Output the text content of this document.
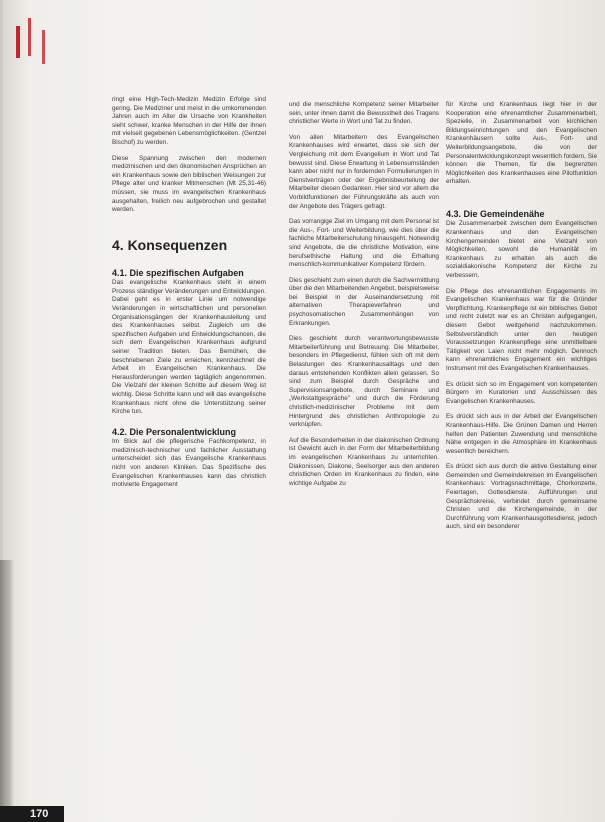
ringt eine High-Tech-Medizin Medizin Erfolge sind gering. Die Mediziner und meist in die umkommenden Jahren auch im Alter die Ursache von Krankheiten sieht schwer, kranke Menschen in der Hilfe der ihnen mit vielseit gegebenen Lebensmöglichkeiten. (Gentzel Bischof) zu werden.

Diese Spannung zwischen den modernen medizinischen und den ökonomischen Ansprüchen an ein Krankenhaus sowie den biblischen Weisungen zur Pflege alter und kranker Mitmenschen (Mt 25,31-46) müssen, sie muss im evangelischen Krankenhaus ausgehalten, freilich neu aufgebrochen und gestaltet werden.

4. Konsequenzen
4.1. Die spezifischen Aufgaben

Das evangelische Krankenhaus steht in einem Prozess ständiger Veränderungen und Entwicklungen. Dabei geht es in erster Linie um notwendige Veränderungen in wirtschaftlichen und personellen Organisationsgängen der Krankenhausleitung und des Krankenhauses selbst. Zugleich um die spezifischen Aufgaben und Entwicklungschancen, die sich dem Evangelischen Krankenhaus aufgrund seiner Tradition bieten. Das Bemühen, die beschriebenen Ziele zu erreichen, kennzeichnet die Arbeit im Evangelischen Krankenhaus. Die Herausforderungen werden tagtäglich angenommen. Die Vielzahl der kleinen Schritte auf diesem Weg ist wichtig. Diese Schritte kann und will das evangelische Krankenhaus nicht ohne die Unterstützung seiner Kirche tun.

4.2. Die Personalentwicklung

Im Blick auf die pflegerische Fachkompetenz, in medizinisch-technischer und fachlicher Ausstattung unterscheidet sich das Evangelische Krankenhaus nicht von anderen Kliniken. Das Spezifische des Evangelischen Krankenhauses kann das christlich motivierte Engagement

und die menschliche Kompetenz seiner Mitarbeiter sein, unter ihnen damit die Bewusstheit des Tragens christlicher Werte in Wort und Tat zu finden.

Von allen Mitarbeitern des Evangelischen Krankenhauses wird erwartet, dass sie sich der Vergleichung mit dem Evangelium in Wort und Tat bewusst sind. Diese Erwartung in Lebensumständen kann aber nicht nur in fordernden Formulierungen in Dienstverträgen oder der Ergebnisbeurteilung der Mitarbeiter diesen Gedanken. Hier sind vor allem die Vorbildfunktionen der Führungskräfte als auch von der Angebote des Trägers gefragt.

Das vorrangige Ziel im Umgang mit dem Personal ist die Aus-, Fort- und Weiterbildung, wie dies über die fachliche Mitarbeiterschulung hinausgeht. Notwendig sind Angebote, die die christliche Motivation, eine berufsethische Haltung und die Erhaltung menschlich-kommunikativer Kompetenz fördern.

Dies geschieht zum einen durch die Sachvermittlung über die den Mitarbeitenden Angebot, beispielsweise bei Beispiel in der Auseinandersetzung mit alternativen Therapieverfahren und psychosomatischen Zusammenhängen von Erkrankungen.

Dies geschieht durch verantwortungsbewusste Mitarbeiterführung und Betreuung. Die Mitarbeiter, besonders im Pflegedienst, fühlen sich oft mit dem Belastungen des Krankenhausalltags und den daraus entstehenden Konflikten allein gelassen. So sind zum Beispiel durch Gespräche und Supervisionsangebote, durch Seminare und „Werkstattgespräche" und durch die Förderung christlich-medizinischer Probleme mit dem Hintergrund des christlichen Anthropologie zu verknüpfen.

Auf die Besonderheiten in der diakonischen Ordnung ist Gewicht auch in der Form der Mitarbeiterbildung im evangelischen Krankenhaus zu unterrichten. Diakonissen, Diakone, Seelsorger aus den anderen christlichen Orden im Krankenhaus zu finden, eine wichtige Aufgabe zu

für Kirche und Krankenhaus liegt hier in der Kooperation eine ehrenamtlicher Zusammenarbeit, Spezielle, in Zusammenarbeit von kirchlichen Bildungseinrichtungen und den Evangelischen Krankenhäusern sollte Aus-, Fort- und Weiterbildungsangebote, die von der Personalentwicklungskonzept wesentlich fordern, Sie können die Themen, für die begrenzten Möglichkeiten des Krankenhauses eine Pilotfunktion erhalten.

4.3. Die Gemeindenähe

Die Zusammenarbeit zwischen dem Evangelischen Krankenhaus und den Evangelischen Kirchengemeinden bietet eine Vielzahl von Möglichkeiten, sowohl die Humanität im Krankenhaus zu erhalten als auch die sozialdiakonische Kompetenz der Kirche zu verbessern.

Die Pflege des ehrenamtlichen Engagements im Evangelischen Krankenhaus war für die Gründer Verpflichtung. Krankenpflege ist ein biblisches Gebot und nicht zuletzt war es an Christen aufgegangen, diesem Gebot weitgehend nachzukommen. Selbstverständlich unter den heutigen Voraussetzungen Krankenpflege eine unmittelbare Tätigkeit von Laien nicht mehr möglich. Dennoch kann ehrenamtliches Engagement ein wichtiges Instrument mit des Evangelischen Krankenhauses.

Es drückt sich so im Engagement von kompetenten Bürgern im Kuratorien und Ausschüssen des Evangelischen Krankenhauses.

Es drückt sich aus in der Arbeit der Evangelischen Krankenhaus-Hilfe. Die Grünen Damen und Herren helfen den Patienten Zuwendung und menschliche Nähe entgegen in die Atmosphäre im Krankenhaus wesentlich bereichern.

Es drückt sich aus durch die aktive Gestaltung einer Gemeinden und Gemeindekreisen im Evangelischen Krankenhaus: Vortragsnachmittage, Chorkonzerte, Feiertagen, Gottesdienste. Aufführungen und Gesprächskreise, verbindet durch gemeinsame Christen und die Kirchengemeinde, in der Durchführung vom Krankenhausgottesdienst, jedoch auch, sind ein besonderer

170
